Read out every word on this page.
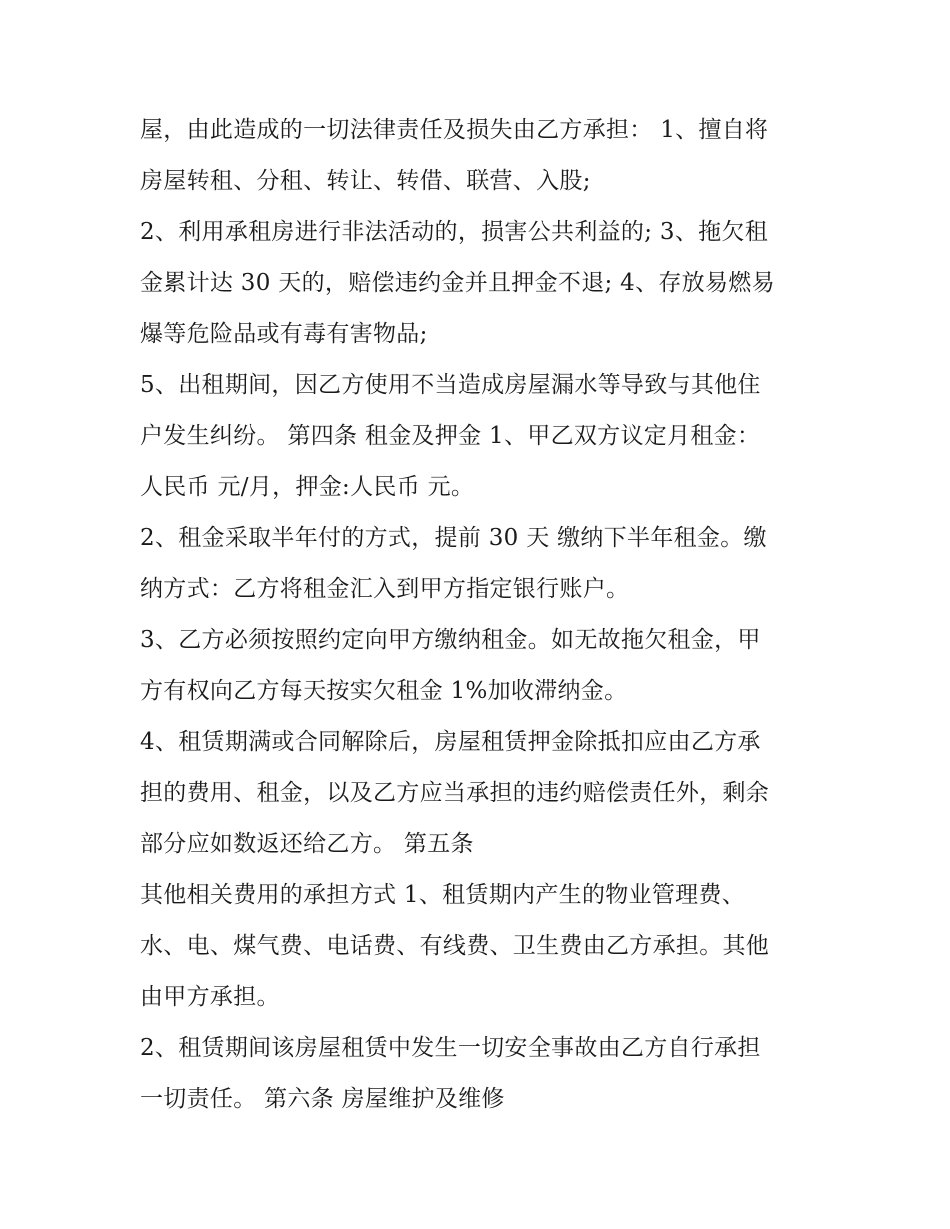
屋，由此造成的一切法律责任及损失由乙方承担： 1、擅自将
房屋转租、分租、转让、转借、联营、入股;
2、利用承租房进行非法活动的，损害公共利益的; 3、拖欠租
金累计达 30 天的，赔偿违约金并且押金不退; 4、存放易燃易
爆等危险品或有毒有害物品;
5、出租期间，因乙方使用不当造成房屋漏水等导致与其他住
户发生纠纷。 第四条 租金及押金 1、甲乙双方议定月租金：
人民币 元/月，押金:人民币 元。
2、租金采取半年付的方式，提前 30 天 缴纳下半年租金。缴
纳方式：乙方将租金汇入到甲方指定银行账户。
3、乙方必须按照约定向甲方缴纳租金。如无故拖欠租金，甲
方有权向乙方每天按实欠租金 1%加收滞纳金。
4、租赁期满或合同解除后，房屋租赁押金除抵扣应由乙方承
担的费用、租金，以及乙方应当承担的违约赔偿责任外，剩余
部分应如数返还给乙方。 第五条
其他相关费用的承担方式 1、租赁期内产生的物业管理费、
水、电、煤气费、电话费、有线费、卫生费由乙方承担。其他
由甲方承担。
2、租赁期间该房屋租赁中发生一切安全事故由乙方自行承担
一切责任。 第六条 房屋维护及维修
